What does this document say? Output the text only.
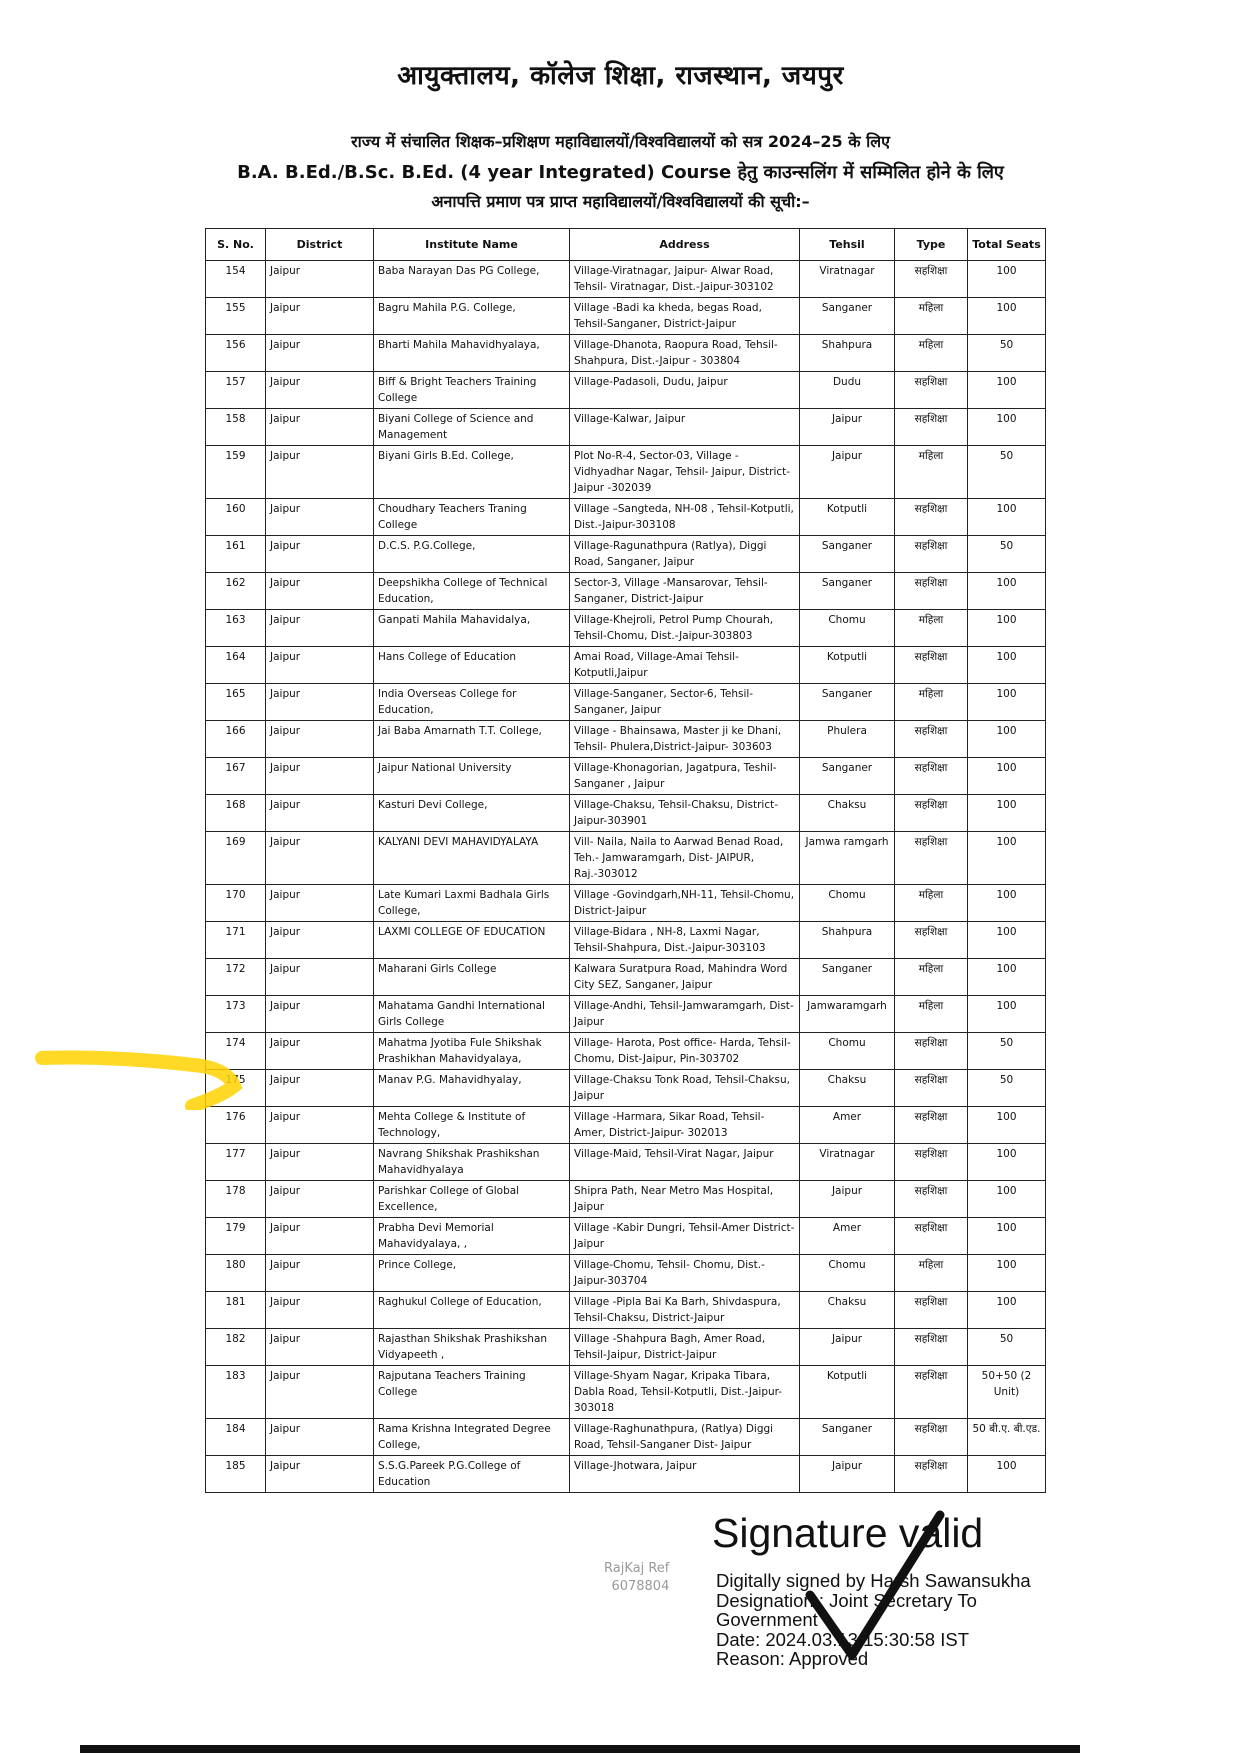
आयुक्तालय, कॉलेज शिक्षा, राजस्थान, जयपुर
राज्य में संचालित शिक्षक–प्रशिक्षण महाविद्यालयों/विश्वविद्यालयों को सत्र 2024–25 के लिए
B.A. B.Ed./B.Sc. B.Ed. (4 year Integrated) Course हेतु काउन्सलिंग में सम्मिलित होने के लिए
अनापत्ति प्रमाण पत्र प्राप्त महाविद्यालयों/विश्वविद्यालयों की सूची:–
S. No.	District	Institute Name	Address	Tehsil	Type	Total Seats
154	Jaipur	Baba Narayan Das PG College,	Village-Viratnagar, Jaipur- Alwar Road, Tehsil- Viratnagar, Dist.-Jaipur-303102	Viratnagar	सहशिक्षा	100
155	Jaipur	Bagru Mahila P.G. College,	Village -Badi ka kheda, begas Road, Tehsil-Sanganer, District-Jaipur	Sanganer	महिला	100
156	Jaipur	Bharti Mahila Mahavidhyalaya,	Village-Dhanota, Raopura Road, Tehsil- Shahpura, Dist.-Jaipur - 303804	Shahpura	महिला	50
157	Jaipur	Biff & Bright Teachers Training College	Village-Padasoli, Dudu, Jaipur	Dudu	सहशिक्षा	100
158	Jaipur	Biyani College of Science and Management	Village-Kalwar, Jaipur	Jaipur	सहशिक्षा	100
159	Jaipur	Biyani Girls B.Ed. College,	Plot No-R-4, Sector-03, Village - Vidhyadhar Nagar, Tehsil- Jaipur, District- Jaipur -302039	Jaipur	महिला	50
160	Jaipur	Choudhary Teachers Traning College	Village –Sangteda, NH-08 , Tehsil-Kotputli, Dist.-Jaipur-303108	Kotputli	सहशिक्षा	100
161	Jaipur	D.C.S. P.G.College,	Village-Ragunathpura (Ratlya), Diggi Road, Sanganer, Jaipur	Sanganer	सहशिक्षा	50
162	Jaipur	Deepshikha College of Technical Education,	Sector-3, Village -Mansarovar, Tehsil-Sanganer, District-Jaipur	Sanganer	सहशिक्षा	100
163	Jaipur	Ganpati Mahila Mahavidalya,	Village-Khejroli, Petrol Pump Chourah, Tehsil-Chomu, Dist.-Jaipur-303803	Chomu	महिला	100
164	Jaipur	Hans College of Education	Amai Road, Village-Amai Tehsil-Kotputli,Jaipur	Kotputli	सहशिक्षा	100
165	Jaipur	India Overseas College for Education,	Village-Sanganer, Sector-6, Tehsil-Sanganer, Jaipur	Sanganer	महिला	100
166	Jaipur	Jai Baba Amarnath T.T. College,	Village - Bhainsawa, Master ji ke Dhani, Tehsil- Phulera,District-Jaipur- 303603	Phulera	सहशिक्षा	100
167	Jaipur	Jaipur National University	Village-Khonagorian, Jagatpura, Teshil- Sanganer , Jaipur	Sanganer	सहशिक्षा	100
168	Jaipur	Kasturi Devi College,	Village-Chaksu, Tehsil-Chaksu, District-Jaipur-303901	Chaksu	सहशिक्षा	100
169	Jaipur	KALYANI DEVI MAHAVIDYALAYA	Vill- Naila, Naila to Aarwad Benad Road, Teh.- Jamwaramgarh, Dist- JAIPUR, Raj.-303012	Jamwa ramgarh	सहशिक्षा	100
170	Jaipur	Late Kumari Laxmi Badhala Girls College,	Village -Govindgarh,NH-11, Tehsil-Chomu, District-Jaipur	Chomu	महिला	100
171	Jaipur	LAXMI COLLEGE OF EDUCATION	Village-Bidara , NH-8, Laxmi Nagar, Tehsil-Shahpura, Dist.-Jaipur-303103	Shahpura	सहशिक्षा	100
172	Jaipur	Maharani Girls College	Kalwara Suratpura Road, Mahindra Word City SEZ, Sanganer, Jaipur	Sanganer	महिला	100
173	Jaipur	Mahatama Gandhi International Girls College	Village-Andhi, Tehsil-Jamwaramgarh, Dist- Jaipur	Jamwaramgarh	महिला	100
174	Jaipur	Mahatma Jyotiba Fule Shikshak Prashikhan Mahavidyalaya,	Village- Harota, Post office- Harda, Tehsil- Chomu, Dist-Jaipur, Pin-303702	Chomu	सहशिक्षा	50
175	Jaipur	Manav P.G. Mahavidhyalay,	Village-Chaksu Tonk Road, Tehsil-Chaksu, Jaipur	Chaksu	सहशिक्षा	50
176	Jaipur	Mehta College & Institute of Technology,	Village -Harmara, Sikar Road, Tehsil-Amer, District-Jaipur- 302013	Amer	सहशिक्षा	100
177	Jaipur	Navrang Shikshak Prashikshan Mahavidhyalaya	Village-Maid, Tehsil-Virat Nagar, Jaipur	Viratnagar	सहशिक्षा	100
178	Jaipur	Parishkar College of Global Excellence,	Shipra Path, Near Metro Mas Hospital, Jaipur	Jaipur	सहशिक्षा	100
179	Jaipur	Prabha Devi Memorial Mahavidyalaya, ,	Village -Kabir Dungri, Tehsil-Amer District-Jaipur	Amer	सहशिक्षा	100
180	Jaipur	Prince College,	Village-Chomu, Tehsil- Chomu, Dist.-Jaipur-303704	Chomu	महिला	100
181	Jaipur	Raghukul College of Education,	Village -Pipla Bai Ka Barh, Shivdaspura, Tehsil-Chaksu, District-Jaipur	Chaksu	सहशिक्षा	100
182	Jaipur	Rajasthan Shikshak Prashikshan Vidyapeeth ,	Village -Shahpura Bagh, Amer Road, Tehsil-Jaipur, District-Jaipur	Jaipur	सहशिक्षा	50
183	Jaipur	Rajputana Teachers Training College	Village-Shyam Nagar, Kripaka Tibara, Dabla Road, Tehsil-Kotputli, Dist.-Jaipur-303018	Kotputli	सहशिक्षा	50+50 (2 Unit)
184	Jaipur	Rama Krishna Integrated Degree College,	Village-Raghunathpura, (Ratlya) Diggi Road, Tehsil-Sanganer Dist- Jaipur	Sanganer	सहशिक्षा	50 बी.ए. बी.एड.
185	Jaipur	S.S.G.Pareek P.G.College of Education	Village-Jhotwara, Jaipur	Jaipur	सहशिक्षा	100
RajKaj Ref
6078804
Signature valid
Digitally signed by Harsh Sawansukha
Designation : Joint Secretary To
Government
Date: 2024.03.13 15:30:58 IST
Reason: Approved
